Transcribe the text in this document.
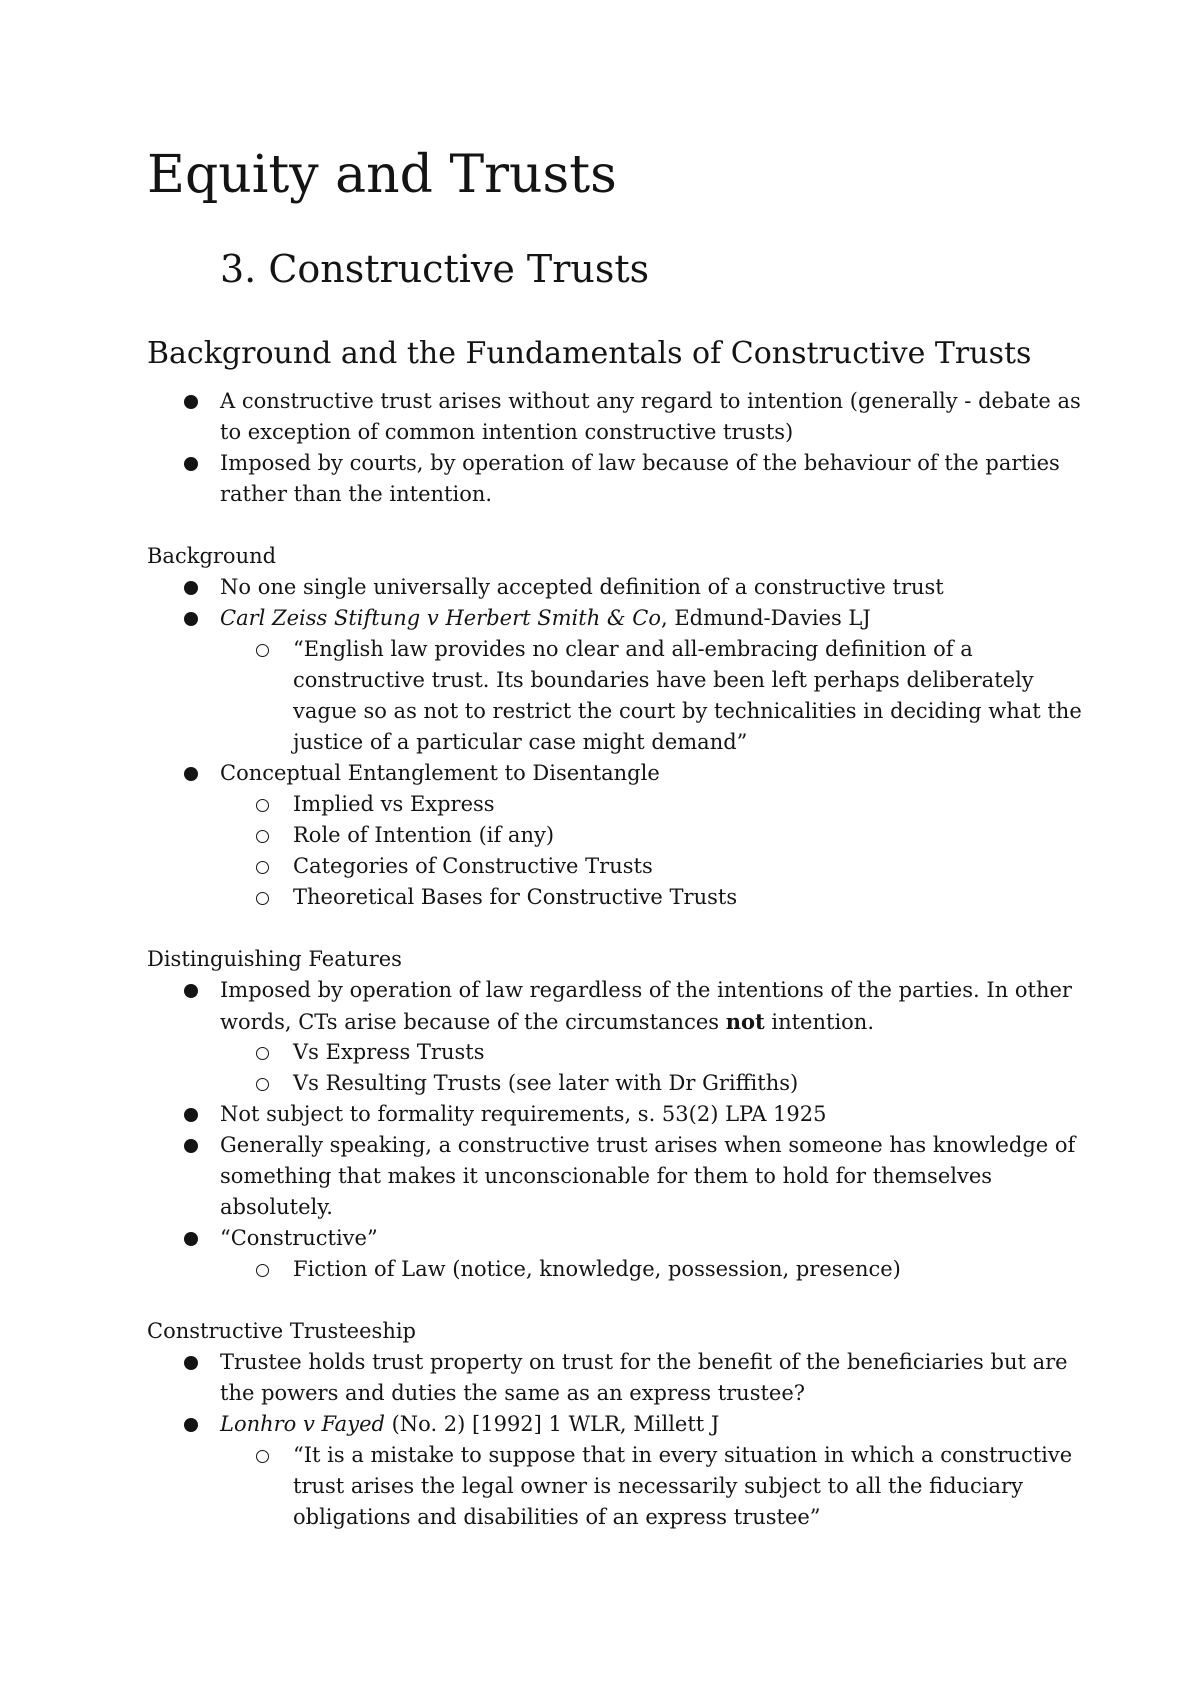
Equity and Trusts
3. Constructive Trusts
Background and the Fundamentals of Constructive Trusts
A constructive trust arises without any regard to intention (generally - debate as
to exception of common intention constructive trusts)
Imposed by courts, by operation of law because of the behaviour of the parties
rather than the intention.
Background
No one single universally accepted definition of a constructive trust
Carl Zeiss Stiftung v Herbert Smith & Co, Edmund-Davies LJ
“English law provides no clear and all-embracing definition of a
constructive trust. Its boundaries have been left perhaps deliberately
vague so as not to restrict the court by technicalities in deciding what the
justice of a particular case might demand”
Conceptual Entanglement to Disentangle
Implied vs Express
Role of Intention (if any)
Categories of Constructive Trusts
Theoretical Bases for Constructive Trusts
Distinguishing Features
Imposed by operation of law regardless of the intentions of the parties. In other
words, CTs arise because of the circumstances not intention.
Vs Express Trusts
Vs Resulting Trusts (see later with Dr Griffiths)
Not subject to formality requirements, s. 53(2) LPA 1925
Generally speaking, a constructive trust arises when someone has knowledge of
something that makes it unconscionable for them to hold for themselves
absolutely.
“Constructive”
Fiction of Law (notice, knowledge, possession, presence)
Constructive Trusteeship
Trustee holds trust property on trust for the benefit of the beneficiaries but are
the powers and duties the same as an express trustee?
Lonhro v Fayed (No. 2) [1992] 1 WLR, Millett J
“It is a mistake to suppose that in every situation in which a constructive
trust arises the legal owner is necessarily subject to all the fiduciary
obligations and disabilities of an express trustee”
